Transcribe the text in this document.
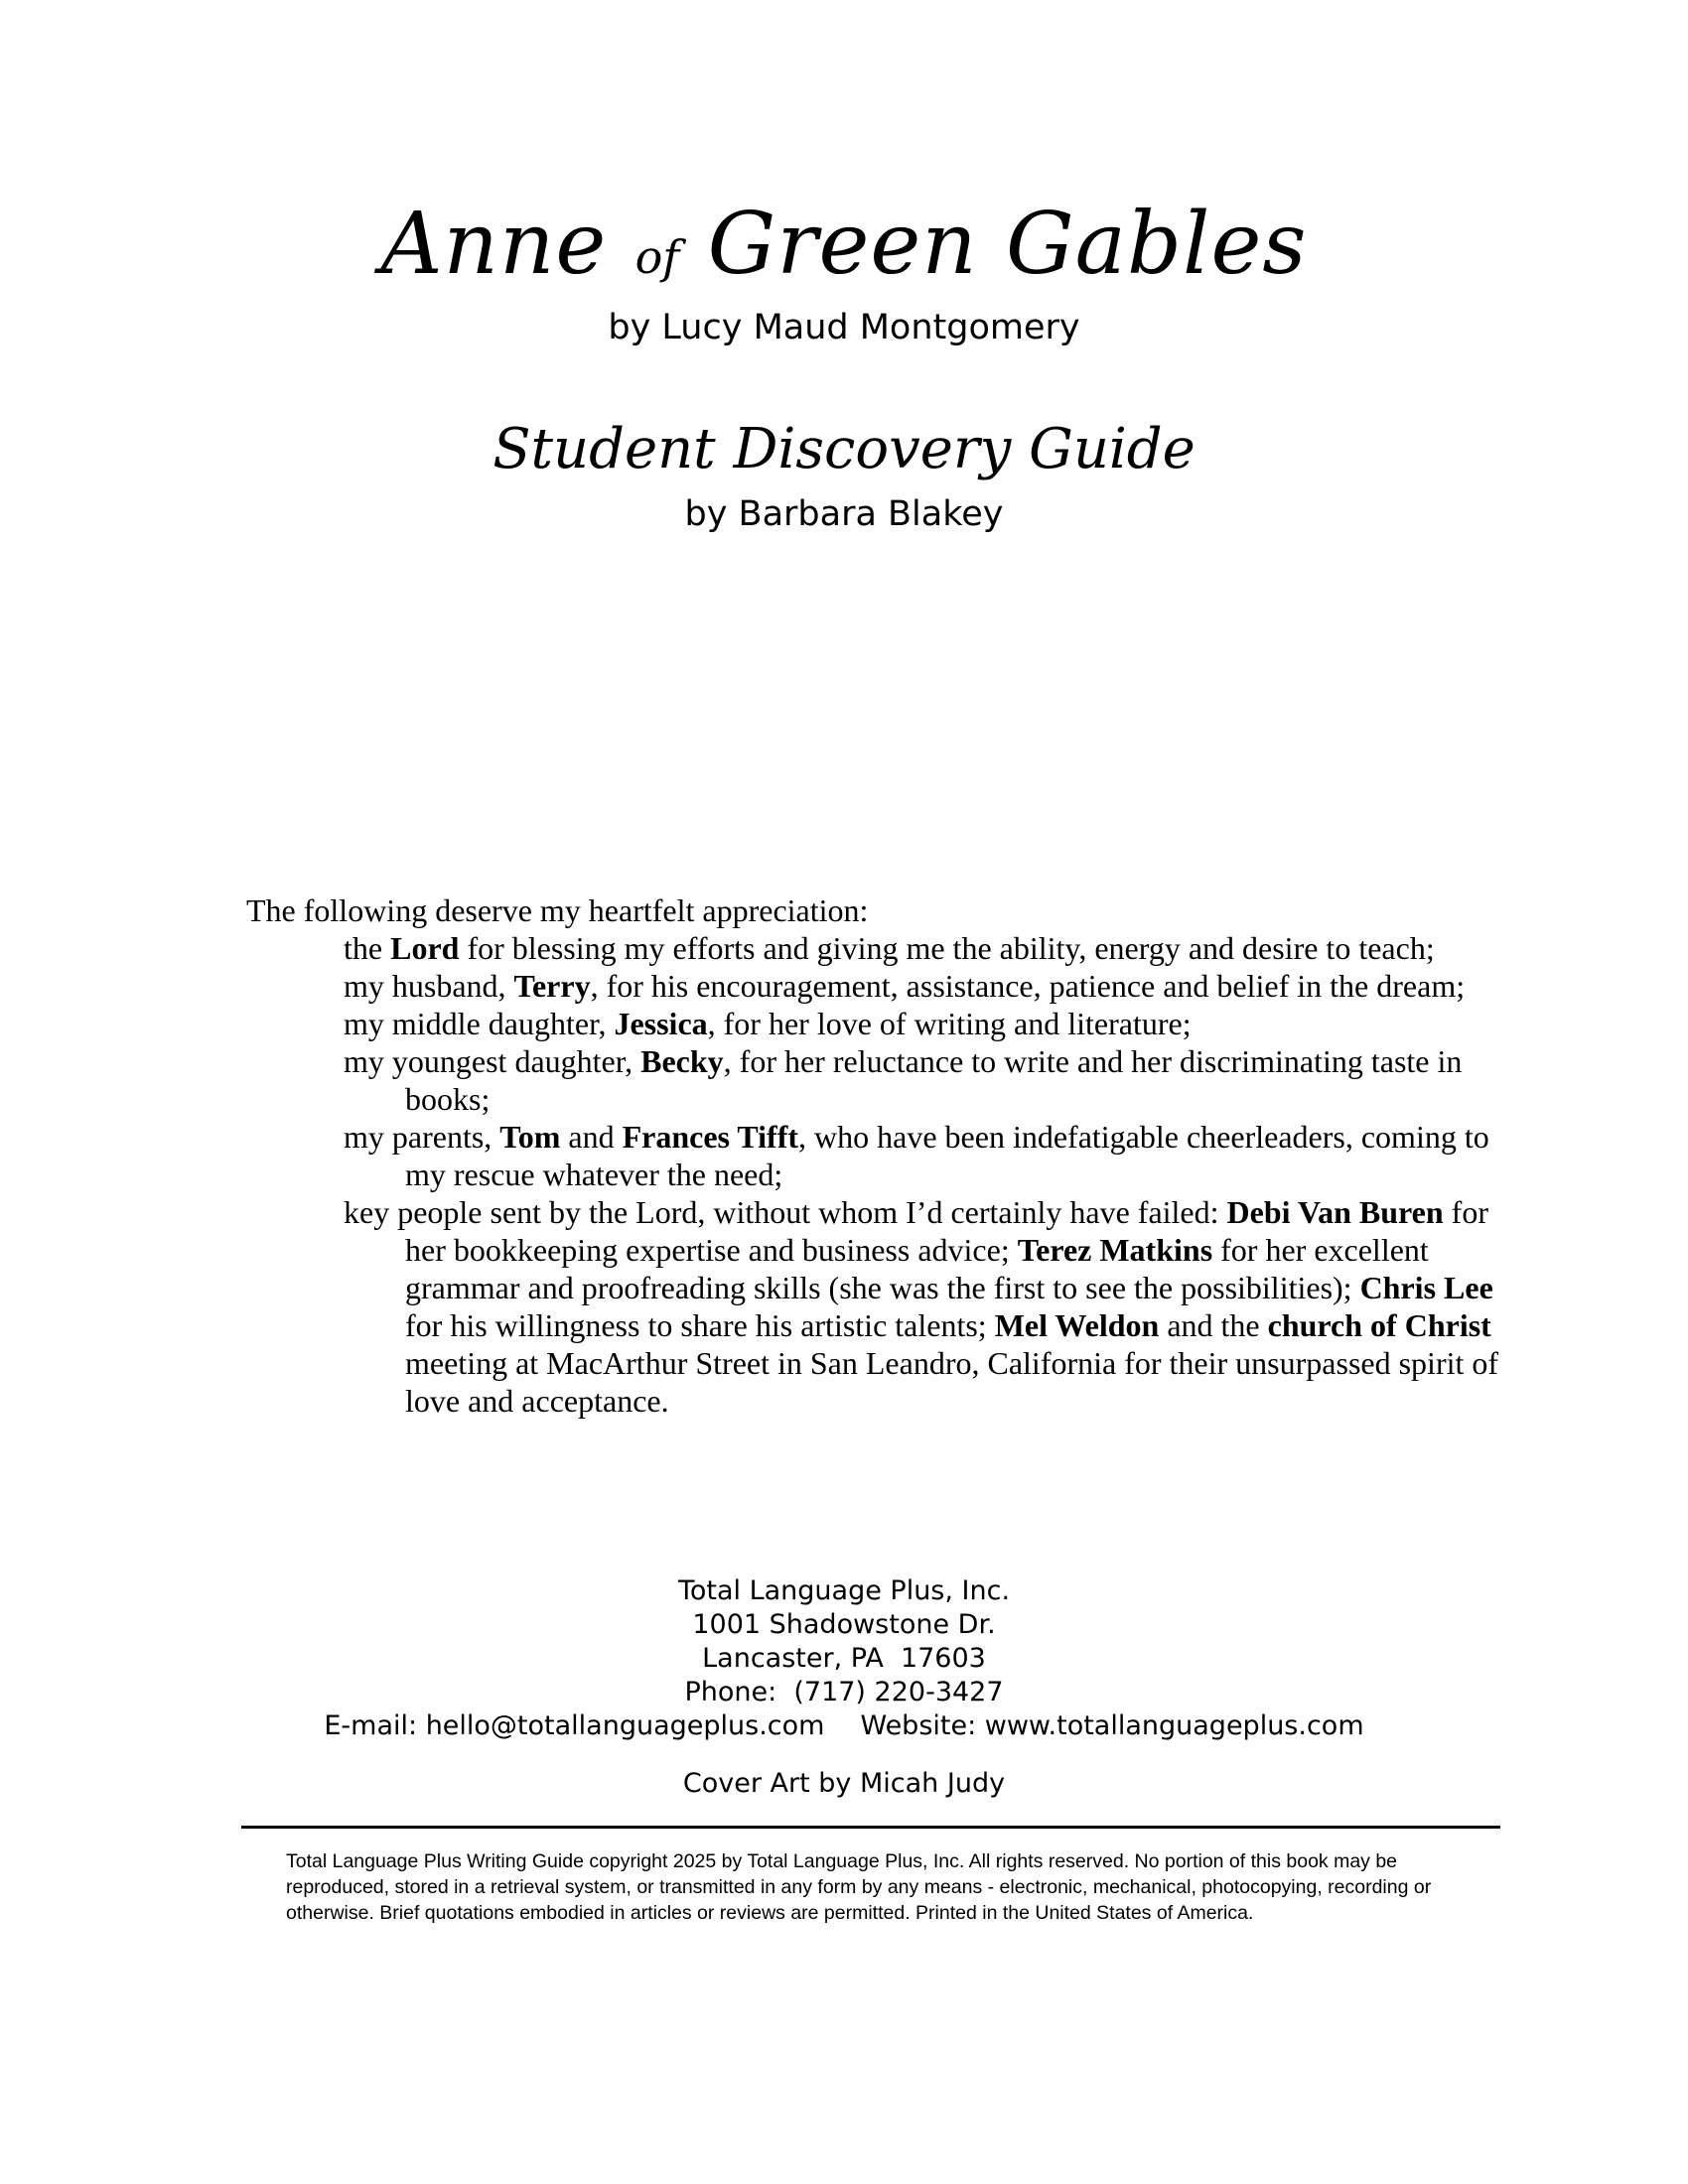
Anne of Green Gables
by Lucy Maud Montgomery
Student Discovery Guide
by Barbara Blakey

The following deserve my heartfelt appreciation:

the Lord for blessing my efforts and giving me the ability, energy and desire to teach;
my husband, Terry, for his encouragement, assistance, patience and belief in the dream;
my middle daughter, Jessica, for her love of writing and literature;
my youngest daughter, Becky, for her reluctance to write and her discriminating taste in books;
my parents, Tom and Frances Tifft, who have been indefatigable cheerleaders, coming to my rescue whatever the need;
key people sent by the Lord, without whom I’d certainly have failed: Debi Van Buren for her bookkeeping expertise and business advice; Terez Matkins for her excellent grammar and proofreading skills (she was the first to see the possibilities); Chris Lee for his willingness to share his artistic talents; Mel Weldon and the church of Christ meeting at MacArthur Street in San Leandro, California for their unsurpassed spirit of love and acceptance.
Total Language Plus, Inc.
1001 Shadowstone Dr.
Lancaster, PA  17603
Phone:  (717) 220-3427
E-mail: hello@totallanguageplus.com Website: www.totallanguageplus.com
Cover Art by Micah Judy
Total Language Plus Writing Guide copyright 2025 by Total Language Plus, Inc. All rights reserved. No portion of this book may be reproduced, stored in a retrieval system, or transmitted in any form by any means - electronic, mechanical, photocopying, recording or otherwise. Brief quotations embodied in articles or reviews are permitted. Printed in the United States of America.
